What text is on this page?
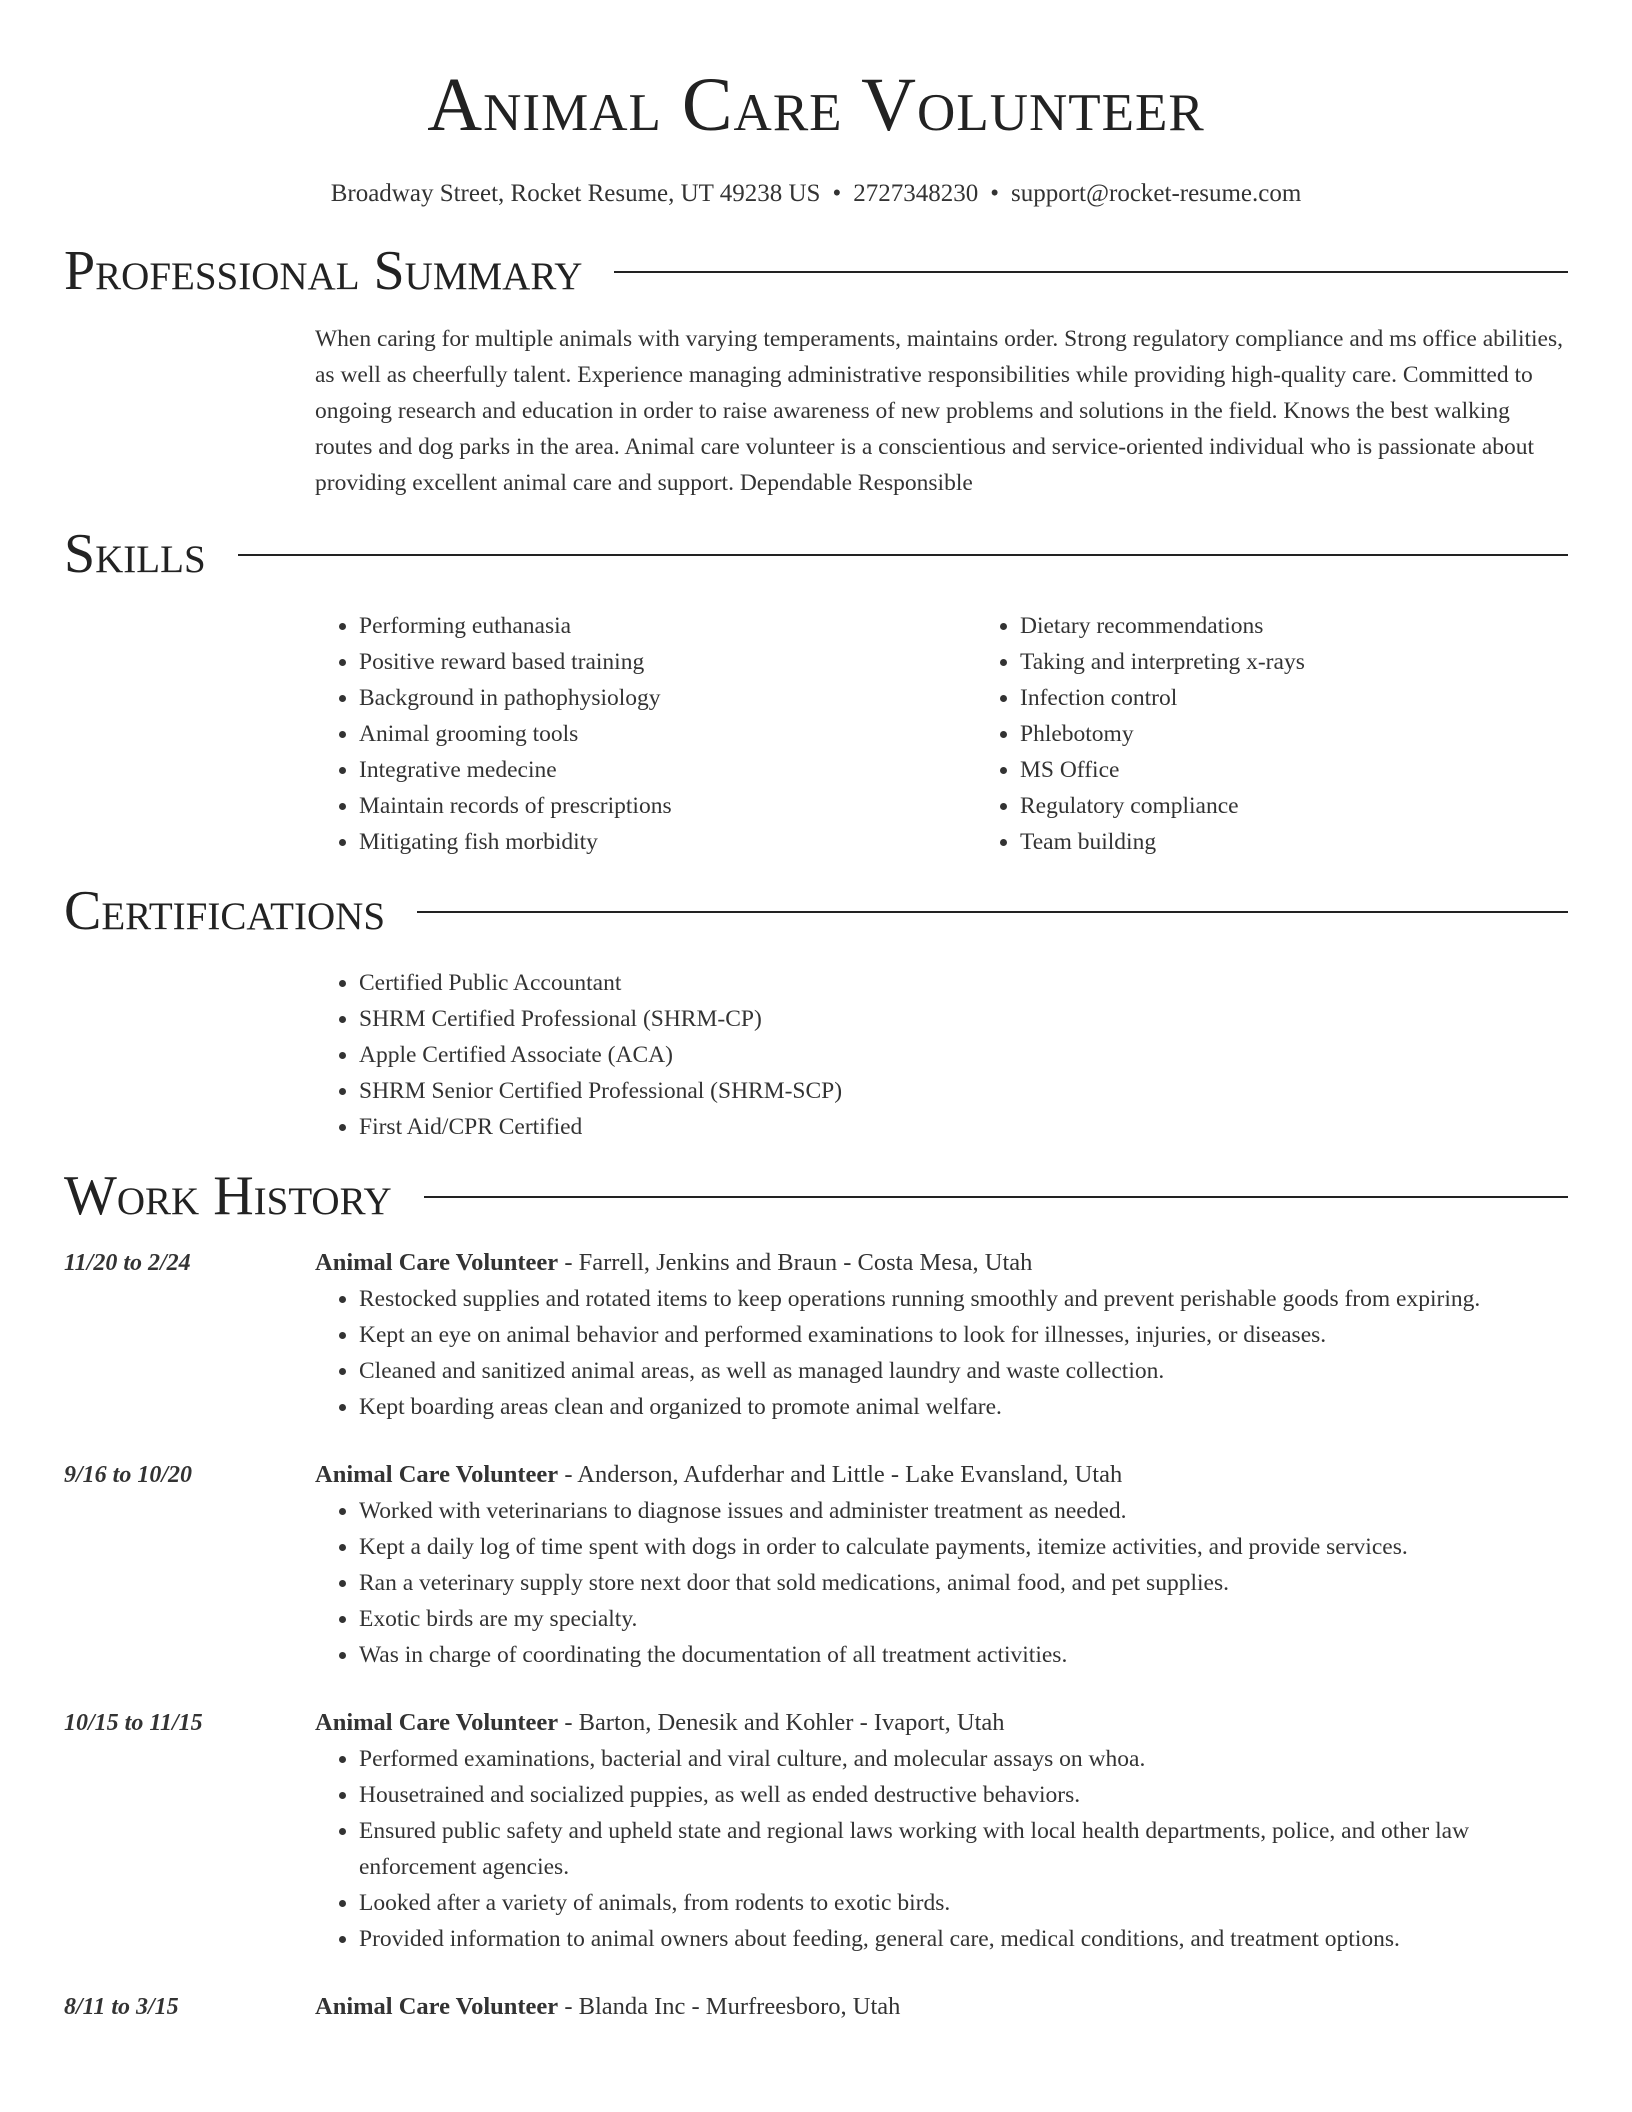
Animal Care Volunteer
Broadway Street, Rocket Resume, UT 49238 US • 2727348230 • support@rocket-resume.com
Professional Summary
When caring for multiple animals with varying temperaments, maintains order. Strong regulatory compliance and ms office abilities, as well as cheerfully talent. Experience managing administrative responsibilities while providing high-quality care. Committed to ongoing research and education in order to raise awareness of new problems and solutions in the field. Knows the best walking routes and dog parks in the area. Animal care volunteer is a conscientious and service-oriented individual who is passionate about providing excellent animal care and support. Dependable Responsible
Skills
• Performing euthanasia
• Positive reward based training
• Background in pathophysiology
• Animal grooming tools
• Integrative medecine
• Maintain records of prescriptions
• Mitigating fish morbidity
• Dietary recommendations
• Taking and interpreting x-rays
• Infection control
• Phlebotomy
• MS Office
• Regulatory compliance
• Team building
Certifications
• Certified Public Accountant
• SHRM Certified Professional (SHRM-CP)
• Apple Certified Associate (ACA)
• SHRM Senior Certified Professional (SHRM-SCP)
• First Aid/CPR Certified
Work History
11/20 to 2/24	Animal Care Volunteer - Farrell, Jenkins and Braun - Costa Mesa, Utah
• Restocked supplies and rotated items to keep operations running smoothly and prevent perishable goods from expiring.
• Kept an eye on animal behavior and performed examinations to look for illnesses, injuries, or diseases.
• Cleaned and sanitized animal areas, as well as managed laundry and waste collection.
• Kept boarding areas clean and organized to promote animal welfare.
9/16 to 10/20	Animal Care Volunteer - Anderson, Aufderhar and Little - Lake Evansland, Utah
• Worked with veterinarians to diagnose issues and administer treatment as needed.
• Kept a daily log of time spent with dogs in order to calculate payments, itemize activities, and provide services.
• Ran a veterinary supply store next door that sold medications, animal food, and pet supplies.
• Exotic birds are my specialty.
• Was in charge of coordinating the documentation of all treatment activities.
10/15 to 11/15	Animal Care Volunteer - Barton, Denesik and Kohler - Ivaport, Utah
• Performed examinations, bacterial and viral culture, and molecular assays on whoa.
• Housetrained and socialized puppies, as well as ended destructive behaviors.
• Ensured public safety and upheld state and regional laws working with local health departments, police, and other law enforcement agencies.
• Looked after a variety of animals, from rodents to exotic birds.
• Provided information to animal owners about feeding, general care, medical conditions, and treatment options.
8/11 to 3/15	Animal Care Volunteer - Blanda Inc - Murfreesboro, Utah
